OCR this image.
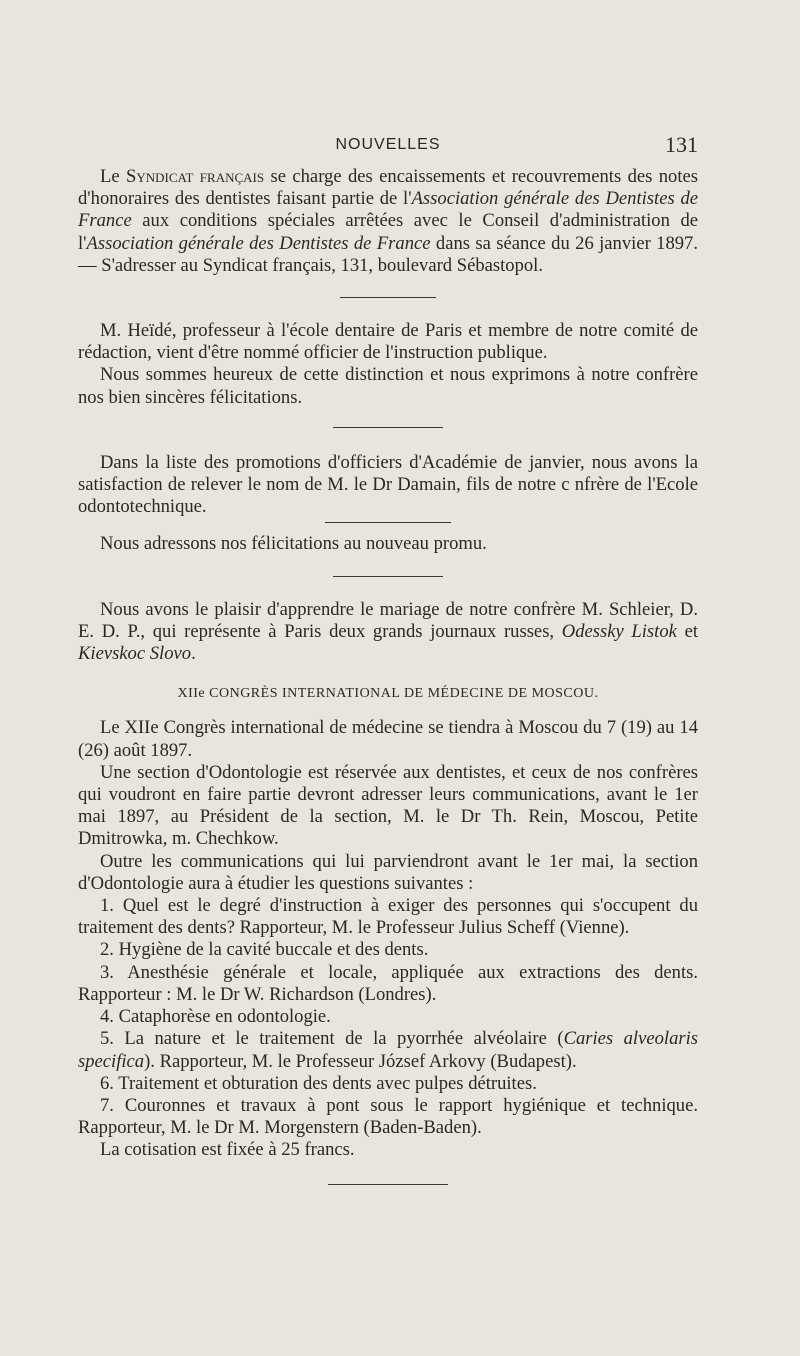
NOUVELLES	131

Le Syndicat français se charge des encaissements et recouvrements des notes d'honoraires des dentistes faisant partie de l'Association générale des Dentistes de France aux conditions spéciales arrêtées avec le Conseil d'administration de l'Association générale des Dentistes de France dans sa séance du 26 janvier 1897. — S'adresser au Syndicat français, 131, boulevard Sébastopol.

M. Heïdé, professeur à l'école dentaire de Paris et membre de notre comité de rédaction, vient d'être nommé officier de l'instruction publique.

Nous sommes heureux de cette distinction et nous exprimons à notre confrère nos bien sincères félicitations.

Dans la liste des promotions d'officiers d'Académie de janvier, nous avons la satisfaction de relever le nom de M. le Dr Damain, fils de notre c nfrère de l'Ecole odontotechnique.

Nous adressons nos félicitations au nouveau promu.

Nous avons le plaisir d'apprendre le mariage de notre confrère M. Schleier, D. E. D. P., qui représente à Paris deux grands journaux russes, Odessky Listok et Kievskoc Slovo.

XIIe CONGRÈS INTERNATIONAL DE MÉDECINE DE MOSCOU.

Le XIIe Congrès international de médecine se tiendra à Moscou du 7 (19) au 14 (26) août 1897.

Une section d'Odontologie est réservée aux dentistes, et ceux de nos confrères qui voudront en faire partie devront adresser leurs communications, avant le 1er mai 1897, au Président de la section, M. le Dr Th. Rein, Moscou, Petite Dmitrowka, m. Chechkow.

Outre les communications qui lui parviendront avant le 1er mai, la section d'Odontologie aura à étudier les questions suivantes :

1. Quel est le degré d'instruction à exiger des personnes qui s'occupent du traitement des dents? Rapporteur, M. le Professeur Julius Scheff (Vienne).

2. Hygiène de la cavité buccale et des dents.

3. Anesthésie générale et locale, appliquée aux extractions des dents. Rapporteur : M. le Dr W. Richardson (Londres).

4. Cataphorèse en odontologie.

5. La nature et le traitement de la pyorrhée alvéolaire (Caries alveolaris specifica). Rapporteur, M. le Professeur József Arkovy (Budapest).

6. Traitement et obturation des dents avec pulpes détruites.

7. Couronnes et travaux à pont sous le rapport hygiénique et technique. Rapporteur, M. le Dr M. Morgenstern (Baden-Baden).

La cotisation est fixée à 25 francs.
